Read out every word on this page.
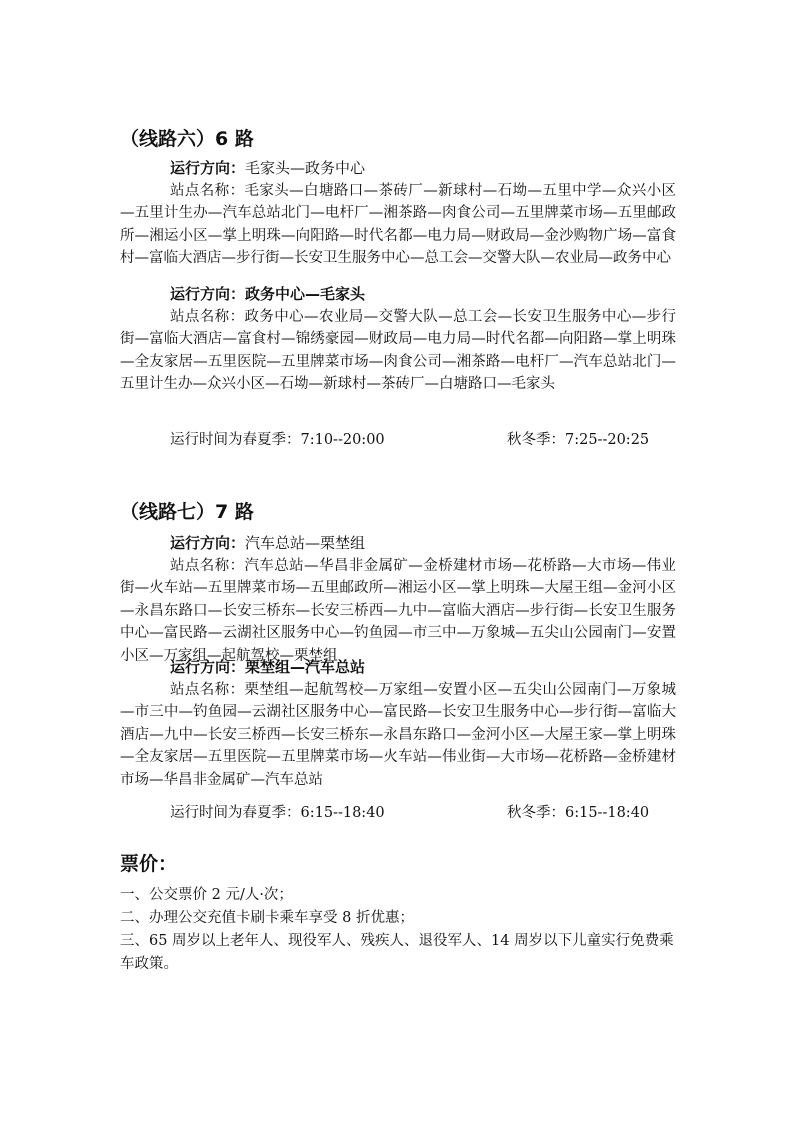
（线路六）6 路
运行方向：毛家头—政务中心

站点名称：毛家头—白塘路口—茶砖厂—新球村—石坳—五里中学—众兴小区—五里计生办—汽车总站北门—电杆厂—湘茶路—肉食公司—五里牌菜市场—五里邮政所—湘运小区—掌上明珠—向阳路—时代名都—电力局—财政局—金沙购物广场—富食村—富临大酒店—步行街—长安卫生服务中心—总工会—交警大队—农业局—政务中心

运行方向：政务中心—毛家头

站点名称：政务中心—农业局—交警大队—总工会—长安卫生服务中心—步行街—富临大酒店—富食村—锦绣豪园—财政局—电力局—时代名都—向阳路—掌上明珠—全友家居—五里医院—五里牌菜市场—肉食公司—湘茶路—电杆厂—汽车总站北门—五里计生办—众兴小区—石坳—新球村—茶砖厂—白塘路口—毛家头

运行时间为春夏季：7:10--20:00	秋冬季：7:25--20:25
（线路七）7 路
运行方向：汽车总站—栗埜组

站点名称：汽车总站—华昌非金属矿—金桥建材市场—花桥路—大市场—伟业街—火车站—五里牌菜市场—五里邮政所—湘运小区—掌上明珠—大屋王组—金河小区—永昌东路口—长安三桥东—长安三桥西—九中—富临大酒店—步行街—长安卫生服务中心—富民路—云湖社区服务中心—钓鱼园—市三中—万象城—五尖山公园南门—安置小区—万家组—起航驾校—栗埜组

运行方向：栗埜组—汽车总站

站点名称：栗埜组—起航驾校—万家组—安置小区—五尖山公园南门—万象城—市三中—钓鱼园—云湖社区服务中心—富民路—长安卫生服务中心—步行街—富临大酒店—九中—长安三桥西—长安三桥东—永昌东路口—金河小区—大屋王家—掌上明珠—全友家居—五里医院—五里牌菜市场—火车站—伟业街—大市场—花桥路—金桥建材市场—华昌非金属矿—汽车总站

运行时间为春夏季：6:15--18:40	秋冬季：6:15--18:40
票价：

一、公交票价 2 元/人·次；

二、办理公交充值卡刷卡乘车享受 8 折优惠；

三、65 周岁以上老年人、现役军人、残疾人、退役军人、14 周岁以下儿童实行免费乘车政策。
